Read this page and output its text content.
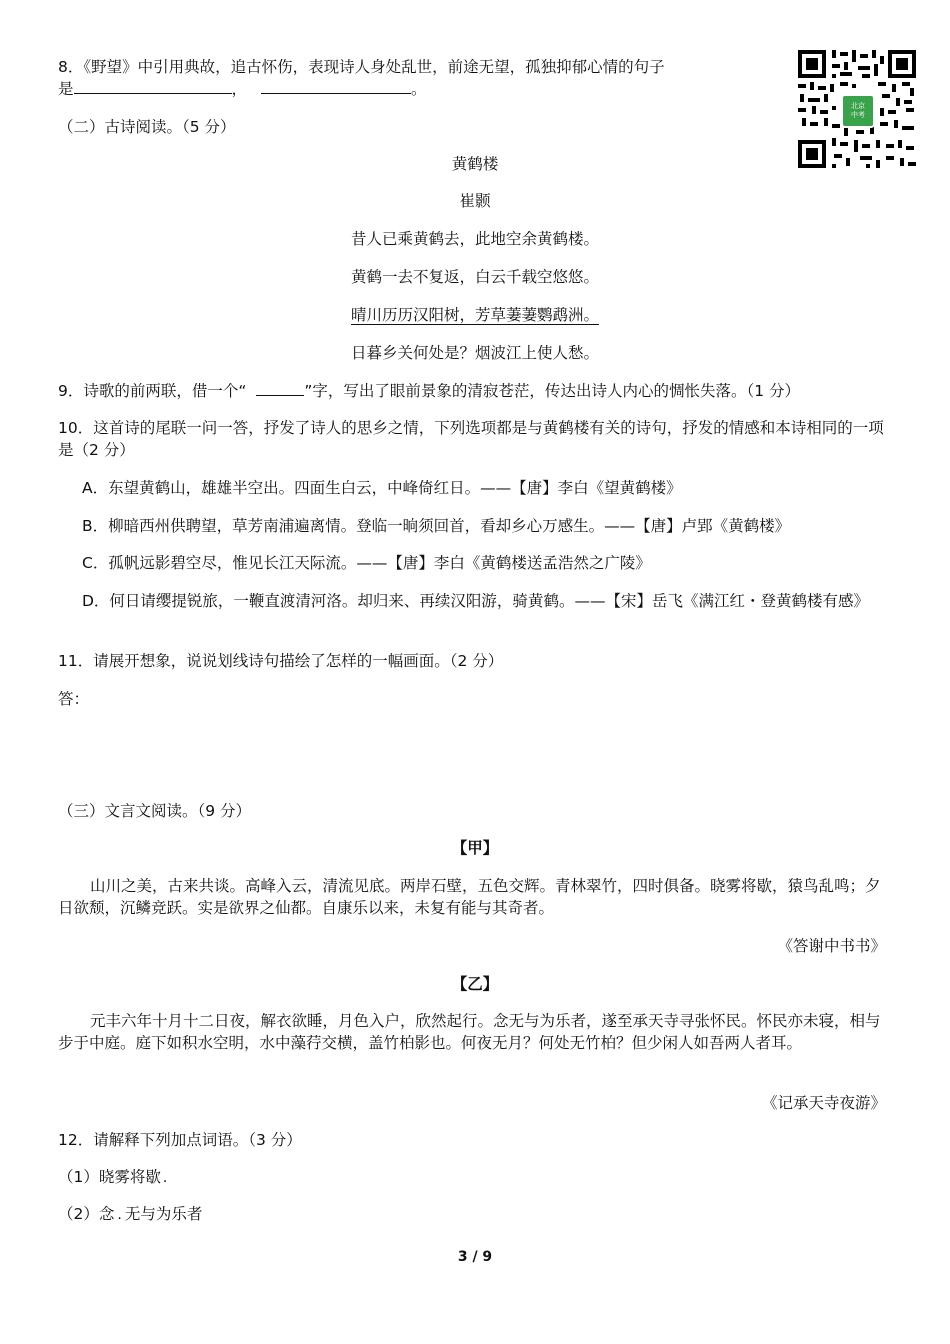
8．《野望》中引用典故，追古怀伤，表现诗人身处乱世，前途无望，孤独抑郁心情的句子

是	，	。

北京
中考

（二）古诗阅读。（5 分）

黄鹤楼

崔颢

昔人已乘黄鹤去，此地空余黄鹤楼。

黄鹤一去不复返，白云千载空悠悠。

晴川历历汉阳树，芳草萋萋鹦鹉洲。

日暮乡关何处是？烟波江上使人愁。

9．诗歌的前两联，借一个“	”字，写出了眼前景象的清寂苍茫，传达出诗人内心的惆怅失落。（1 分）

10．这首诗的尾联一问一答，抒发了诗人的思乡之情，下列选项都是与黄鹤楼有关的诗句，抒发的情感和本诗相同的一项是（2 分）

A．东望黄鹤山，雄雄半空出。四面生白云，中峰倚红日。——【唐】李白《望黄鹤楼》

B．柳暗西州供聘望，草芳南浦遍离情。登临一晌须回首，看却乡心万感生。——【唐】卢郢《黄鹤楼》

C．孤帆远影碧空尽，惟见长江天际流。——【唐】李白《黄鹤楼送孟浩然之广陵》

D．何日请缨提锐旅，一鞭直渡清河洛。却归来、再续汉阳游，骑黄鹤。——【宋】岳飞《满江红・登黄鹤楼有感》

11．请展开想象，说说划线诗句描绘了怎样的一幅画面。（2 分）

答：

（三）文言文阅读。（9 分）

【甲】

山川之美，古来共谈。高峰入云，清流见底。两岸石壁，五色交辉。青林翠竹，四时俱备。晓雾将歇，猿鸟乱鸣；夕日欲颓，沉鳞竞跃。实是欲界之仙都。自康乐以来，未复有能与其奇者。

《答谢中书书》

【乙】

元丰六年十月十二日夜，解衣欲睡，月色入户，欣然起行。念无与为乐者，遂至承天寺寻张怀民。怀民亦未寝，相与步于中庭。庭下如积水空明，水中藻荇交横，盖竹柏影也。何夜无月？何处无竹柏？但少闲人如吾两人者耳。

《记承天寺夜游》

12．请解释下列加点词语。（3 分）

（1）晓雾将歇 .

（2）念 . 无与为乐者

3 / 9
